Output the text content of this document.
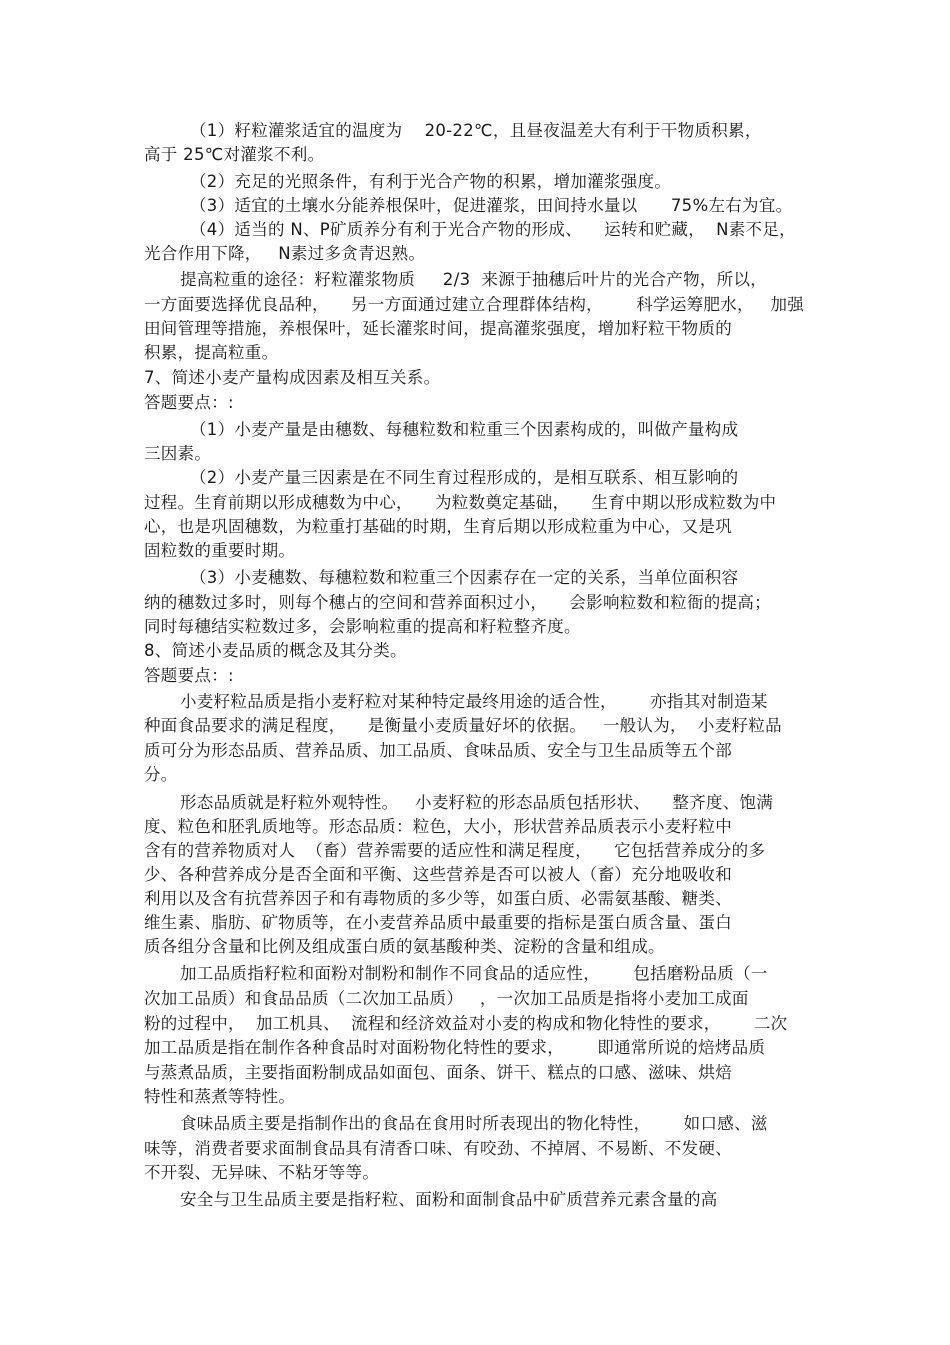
（1）籽粒灌浆适宜的温度为    20-22℃，且昼夜温差大有利于干物质积累，
高于 25℃对灌浆不利。
（2）充足的光照条件，有利于光合产物的积累，增加灌浆强度。
（3）适宜的土壤水分能养根保叶，促进灌浆，田间持水量以      75%左右为宜。
（4）适当的 N、P矿质养分有利于光合产物的形成、    运转和贮藏，  N素不足，
光合作用下降，   N素过多贪青迟熟。
提高粒重的途径：籽粒灌浆物质     2/3  来源于抽穗后叶片的光合产物，所以，
一方面要选择优良品种，    另一方面通过建立合理群体结构，      科学运筹肥水，   加强
田间管理等措施，养根保叶，延长灌浆时间，提高灌浆强度，增加籽粒干物质的
积累，提高粒重。
7、简述小麦产量构成因素及相互关系。
答题要点：:
（1）小麦产量是由穗数、每穗粒数和粒重三个因素构成的，叫做产量构成
三因素。
（2）小麦产量三因素是在不同生育过程形成的，是相互联系、相互影响的
过程。生育前期以形成穗数为中心，    为粒数奠定基础，    生育中期以形成粒数为中
心，也是巩固穗数，为粒重打基础的时期，生育后期以形成粒重为中心，又是巩
固粒数的重要时期。
（3）小麦穗数、每穗粒数和粒重三个因素存在一定的关系，当单位面积容
纳的穗数过多时，则每个穗占的空间和营养面积过小，    会影响粒数和粒衙的提高；
同时每穗结实粒数过多，会影响粒重的提高和籽粒整齐度。
8、简述小麦品质的概念及其分类。
答题要点：:
小麦籽粒品质是指小麦籽粒对某种特定最终用途的适合性，      亦指其对制造某
种面食品要求的满足程度，    是衡量小麦质量好坏的依据。   一般认为，  小麦籽粒品
质可分为形态品质、营养品质、加工品质、食味品质、安全与卫生品质等五个部
分。
形态品质就是籽粒外观特性。   小麦籽粒的形态品质包括形状、    整齐度、饱满
度、粒色和胚乳质地等。形态品质：粒色，大小，形状营养品质表示小麦籽粒中
含有的营养物质对人  （畜）营养需要的适应性和满足程度，    它包括营养成分的多
少、各种营养成分是否全面和平衡、这些营养是否可以被人（畜）充分地吸收和
利用以及含有抗营养因子和有毒物质的多少等，如蛋白质、必需氨基酸、糖类、
维生素、脂肪、矿物质等，在小麦营养品质中最重要的指标是蛋白质含量、蛋白
质各组分含量和比例及组成蛋白质的氨基酸种类、淀粉的含量和组成。
加工品质指籽粒和面粉对制粉和制作不同食品的适应性，      包括磨粉品质（一
次加工品质）和食品品质（二次加工品质）   ，一次加工品质是指将小麦加工成面
粉的过程中，  加工机具、  流程和经济效益对小麦的构成和物化特性的要求，      二次
加工品质是指在制作各种食品时对面粉物化特性的要求，      即通常所说的焙烤品质
与蒸煮品质，主要指面粉制成品如面包、面条、饼干、糕点的口感、滋味、烘焙
特性和蒸煮等特性。
食味品质主要是指制作出的食品在食用时所表现出的物化特性，      如口感、滋
味等，消费者要求面制食品具有清香口味、有咬劲、不掉屑、不易断、不发硬、
不开裂、无异味、不粘牙等等。
安全与卫生品质主要是指籽粒、面粉和面制食品中矿质营养元素含量的高
